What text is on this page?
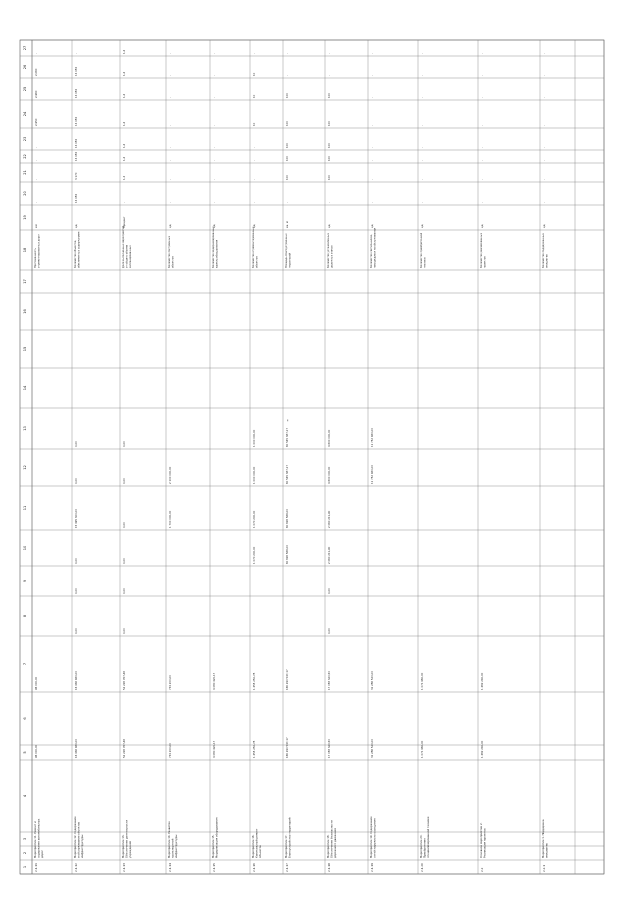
'
1
2
3
4
5
6
7
8
9
10
11
12
13
14
15
16
17
18
19
20
21
22
23
24
25
26
27
2.1.11
Мероприятие 11. Ремонт и содержание автомобильных дорог
96 000,00
96 000,00
Протяженность отремонтированных дорог
км
-
-
-
-
2,950
2,960
2,060
-
2.1.12
Мероприятие 12. Содержание и обслуживание объектов инфраструктуры
16 436 460,00
16 436 460,00
0,00
0,00
0,00
15 495 300,00
0,00
0,00
Количество объектов, обеспеченных содержанием
ед.
13 083
3 170
13 083
13 083
13 083
13 083
13 083
-
2.1.13
Мероприятие 13. Обеспечение деятельности учреждения
52 226 057,46
52 226 057,46
0,00
0,00
0,00
0,00
0,00
0,00
Доля выполненных мероприятий от общего объема запланированных
процент
-
1,3
1,4
1,4
1,4
1,4
1,4
1,4
2.1.14
Мероприятие 14. Развитие транспортной инфраструктуры
733 200,00
733 200,00
1 700 000,00
2 100 000,00
Количество построенных объектов
ед.
-
-
-
-
-
-
-
-
2.1.15
Мероприятие 15. Модернизация оборудования
4 080 420,17
4 080 420,17
Количество модернизированных единиц оборудования
ед.
-
-
-
-
-
-
-
-
2.1.16
Мероприятие 16. Капитальный ремонт объектов
1 455 250,78
1 455 250,78
1 070 200,00
1 070 200,00
1 000 000,00
1 000 000,00
Количество отремонтированных объектов
ед.
-
-
-
-
10
10
10
-
2.1.17
Мероприятие 17. Благоустройство территорий
166 290 547,17
166 290 547,17
60 826 566,00
60 826 566,00
60 545 387,17
60 545 387,17
Площадь благоустроенных территорий
кв. м
-
100
100
100
100
100
-
-
2.1.18
Мероприятие 18. Обеспечение безопасности дорожного движения
17 058 320,50
17 058 320,50
0,00
0,00
2 060 211,90
2 060 211,90
4 600 000,00
4 600 000,00
Количество установленных дорожных знаков
ед.
-
100
100
100
100
100
-
-
2.1.19
Мероприятие 19. Содержание сетей наружного освещения
31 286 520,00
31 286 520,00
11 752 460,00
11 752 460,00
Количество светильников, находящихся на обслуживании
ед.
-
-
-
-
-
-
-
-
2.1.20
Мероприятие 20. Приобретение специализированной техники
1 071 960,00
1 071 960,00
Количество приобретенной техники
ед.
-
-
-
-
-
-
-
-
2.2
Основное мероприятие 2. Реализация проектов
1 482 240,00
1 482 240,00
Количество реализованных проектов
ед.
-
-
-
-
-
-
-
-
2.2.1
Мероприятие 1. Поддержка инициатив
Количество поддержанных инициатив
ед.
-
-
-
-
-
-
-
-
